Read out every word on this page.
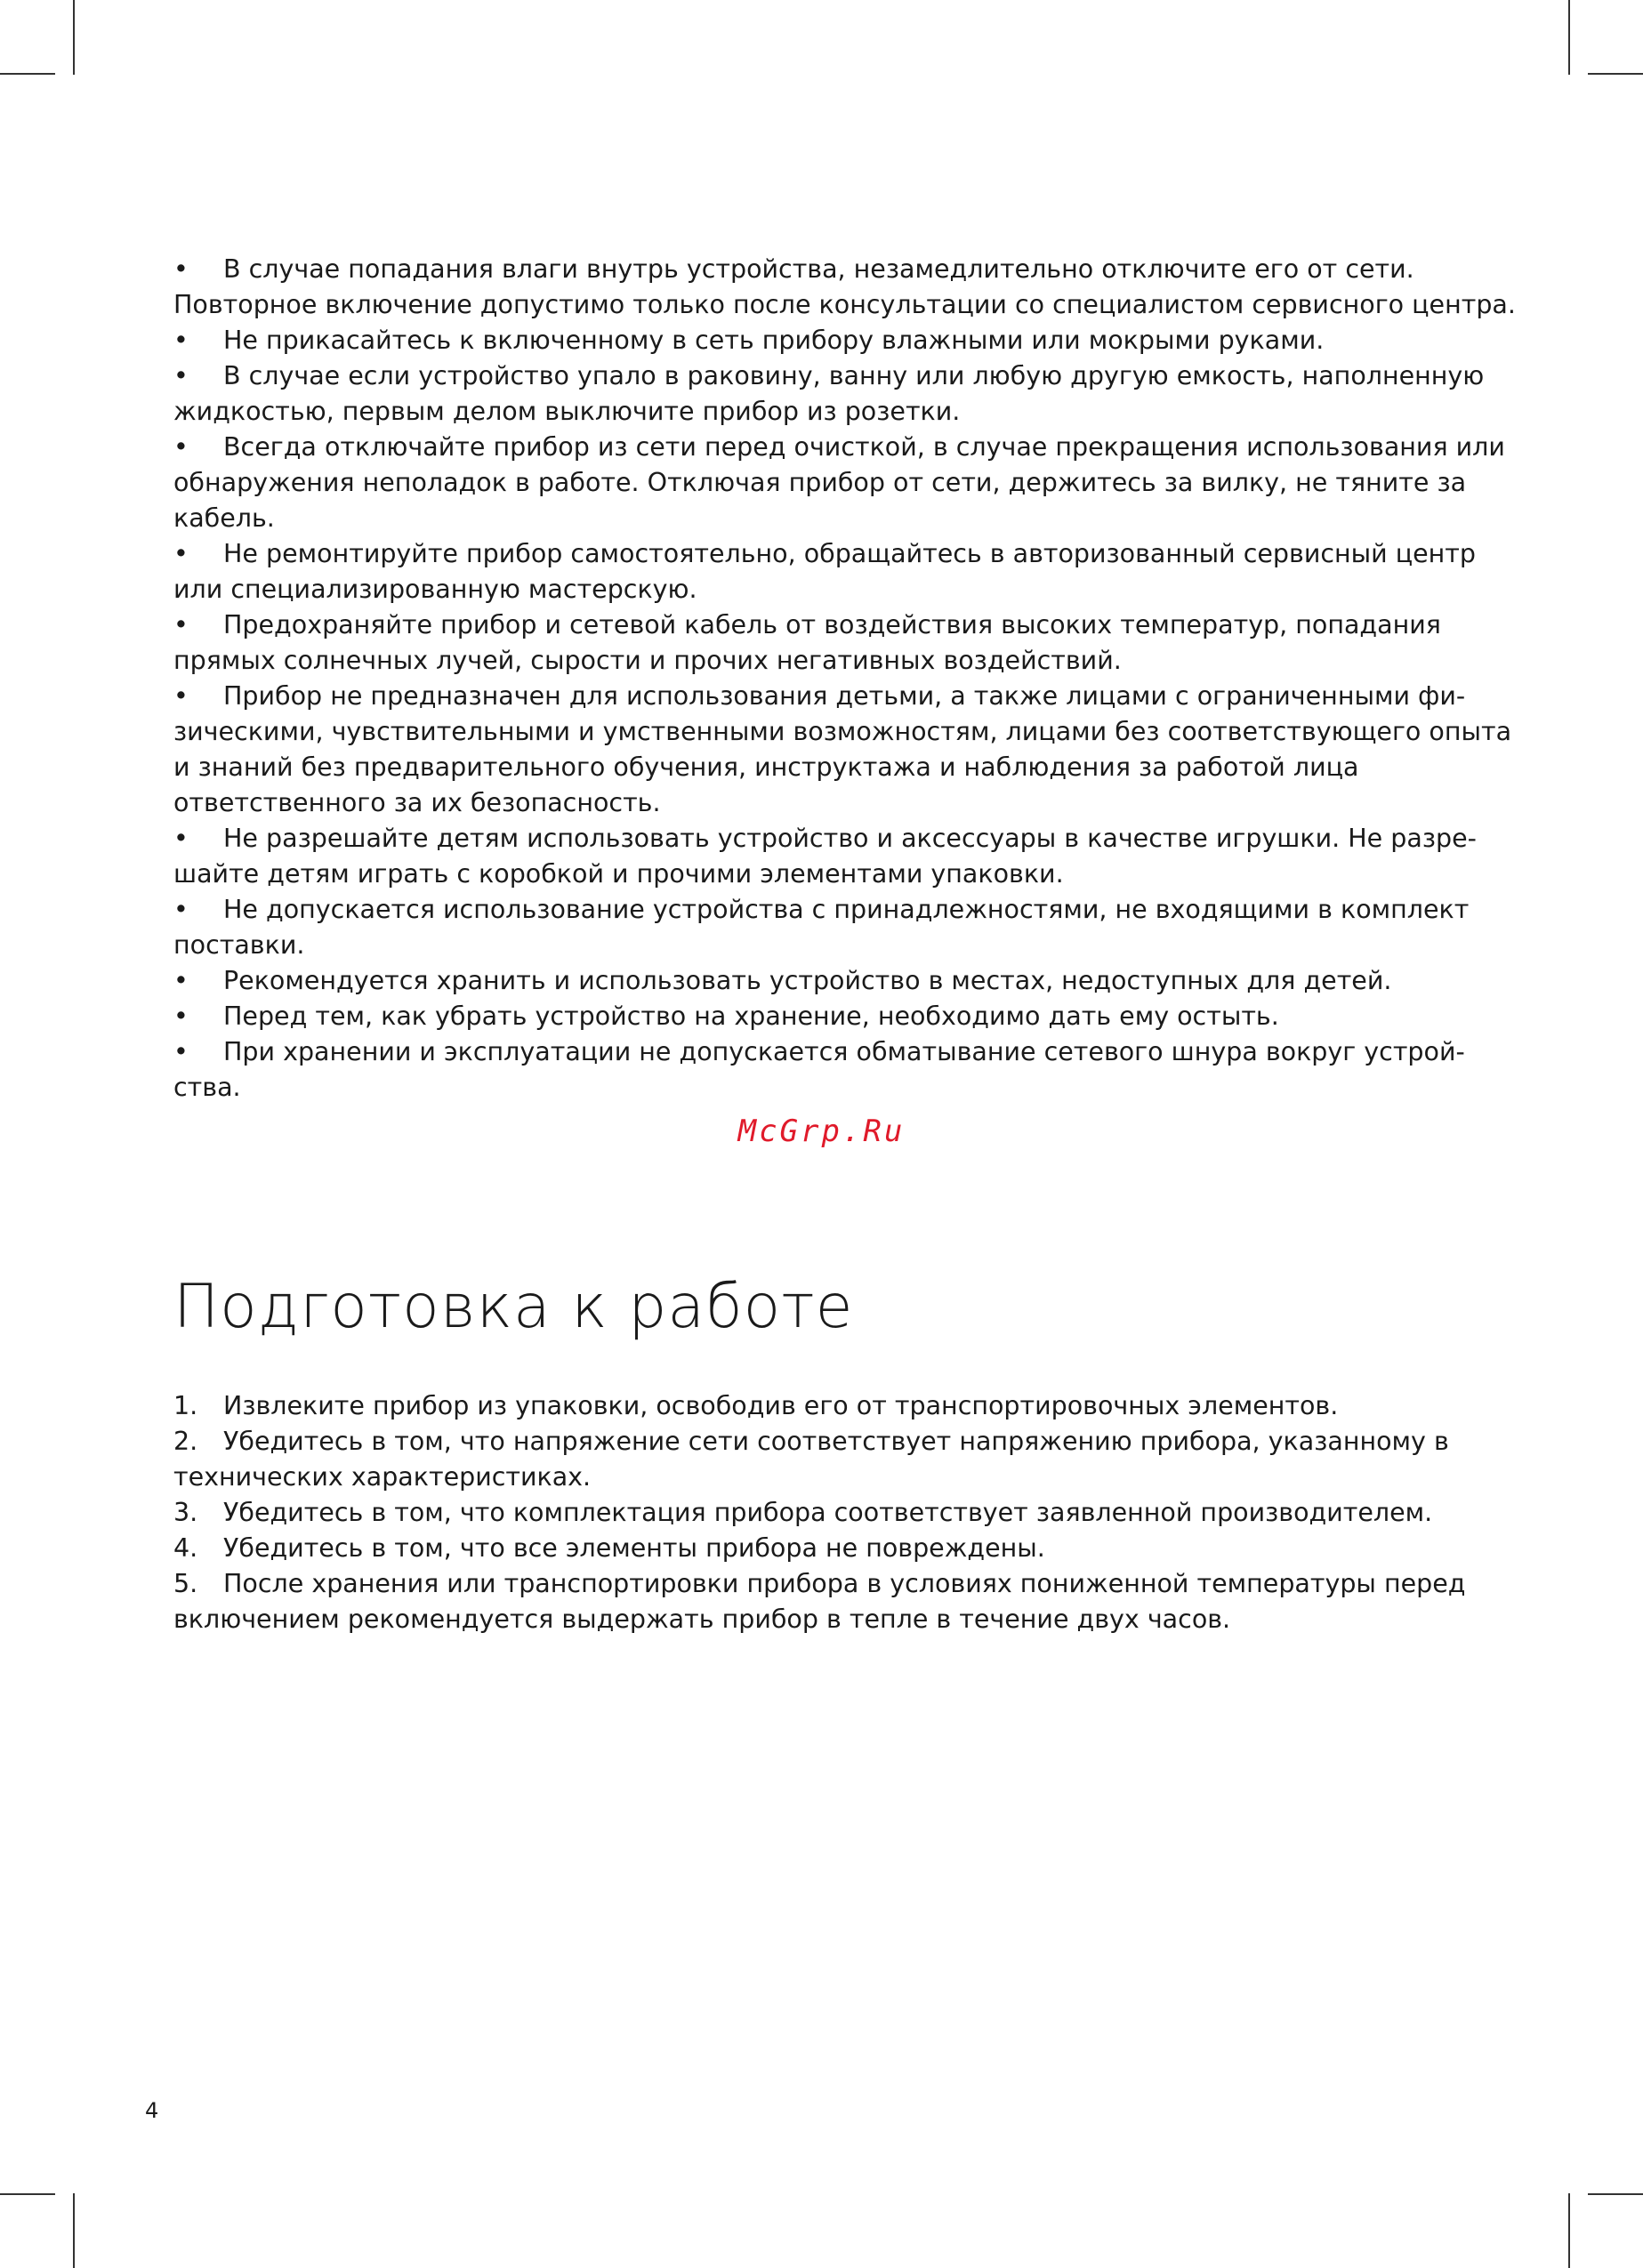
• В случае попадания влаги внутрь устройства, незамедлительно отключите его от сети.

Повторное включение допустимо только после консультации со специалистом сервисного центра.

• Не прикасайтесь к включенному в сеть прибору влажными или мокрыми руками.

• В случае если устройство упало в раковину, ванну или любую другую емкость, наполненную

жидкостью, первым делом выключите прибор из розетки.

• Всегда отключайте прибор из сети перед очисткой, в случае прекращения использования или

обнаружения неполадок в работе. Отключая прибор от сети, держитесь за вилку, не тяните за

кабель.

• Не ремонтируйте прибор самостоятельно, обращайтесь в авторизованный сервисный центр

или специализированную мастерскую.

• Предохраняйте прибор и сетевой кабель от воздействия высоких температур, попадания

прямых солнечных лучей, сырости и прочих негативных воздействий.

• Прибор не предназначен для использования детьми, а также лицами с ограниченными фи-

зическими, чувствительными и умственными возможностям, лицами без соответствующего опыта

и знаний без предварительного обучения, инструктажа и наблюдения за работой лица

ответственного за их безопасность.

• Не разрешайте детям использовать устройство и аксессуары в качестве игрушки. Не разре-

шайте детям играть с коробкой и прочими элементами упаковки.

• Не допускается использование устройства с принадлежностями, не входящими в комплект

поставки.

• Рекомендуется хранить и использовать устройство в местах, недоступных для детей.

• Перед тем, как убрать устройство на хранение, необходимо дать ему остыть.

• При хранении и эксплуатации не допускается обматывание сетевого шнура вокруг устрой-

ства.

McGrp.Ru
Подготовка к работе

1. Извлеките прибор из упаковки, освободив его от транспортировочных элементов.

2. Убедитесь в том, что напряжение сети соответствует напряжению прибора, указанному в

технических характеристиках.

3. Убедитесь в том, что комплектация прибора соответствует заявленной производителем.

4. Убедитесь в том, что все элементы прибора не повреждены.

5. После хранения или транспортировки прибора в условиях пониженной температуры перед

включением рекомендуется выдержать прибор в тепле в течение двух часов.

4
